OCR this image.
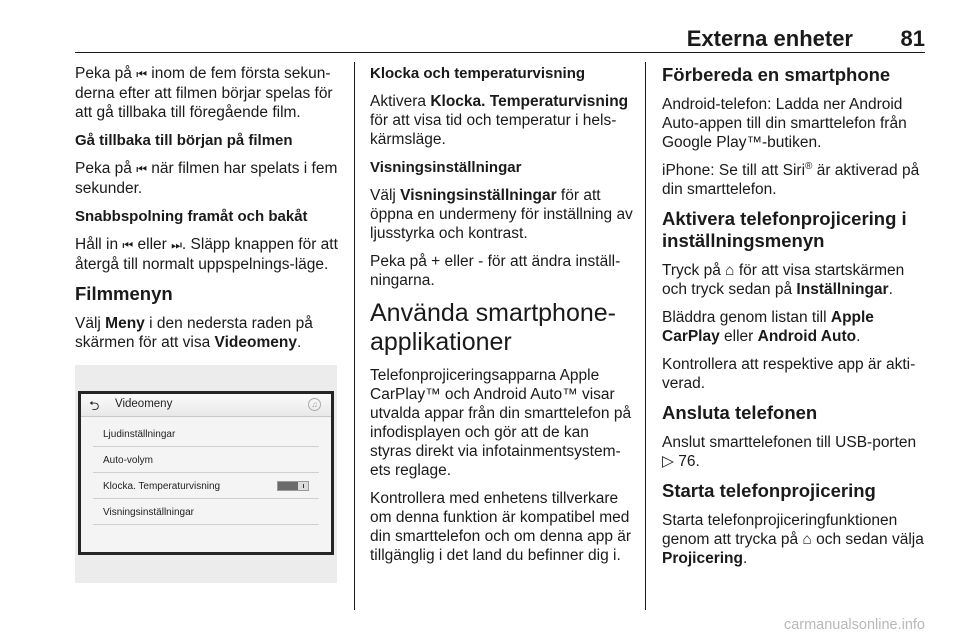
Externa enheter 81

Peka på ⏮ inom de fem första sekun-derna efter att filmen börjar spelas för att gå tillbaka till föregående film.

Gå tillbaka till början på filmen

Peka på ⏮ när filmen har spelats i fem sekunder.

Snabbspolning framåt och bakåt

Håll in ⏮ eller ⏭. Släpp knappen för att återgå till normalt uppspelnings-läge.

Filmmenyn

Välj Meny i den nedersta raden på skärmen för att visa Videomeny.

⮌ Videomeny	♫
Ljudinställningar
Auto-volym
Klocka. Temperaturvisning
Visningsinställningar

Klocka och temperaturvisning

Aktivera Klocka. Temperaturvisning för att visa tid och temperatur i hels-kärmsläge.

Visningsinställningar

Välj Visningsinställningar för att öppna en undermeny för inställning av ljusstyrka och kontrast.

Peka på + eller - för att ändra inställ-ningarna.

Använda smartphone-applikationer

Telefonprojiceringsapparna Apple CarPlay™ och Android Auto™ visar utvalda appar från din smarttelefon på infodisplayen och gör att de kan styras direkt via infotainmentsystem-ets reglage.

Kontrollera med enhetens tillverkare om denna funktion är kompatibel med din smarttelefon och om denna app är tillgänglig i det land du befinner dig i.

Förbereda en smartphone

Android-telefon: Ladda ner Android Auto-appen till din smarttelefon från Google Play™-butiken.

iPhone: Se till att Siri® är aktiverad på din smarttelefon.

Aktivera telefonprojicering i inställningsmenyn

Tryck på ⌂ för att visa startskärmen och tryck sedan på Inställningar.

Bläddra genom listan till Apple CarPlay eller Android Auto.

Kontrollera att respektive app är akti-verad.

Ansluta telefonen

Anslut smarttelefonen till USB-porten ▷ 76.

Starta telefonprojicering

Starta telefonprojiceringfunktionen genom att trycka på ⌂ och sedan välja Projicering.

carmanualsonline.info
